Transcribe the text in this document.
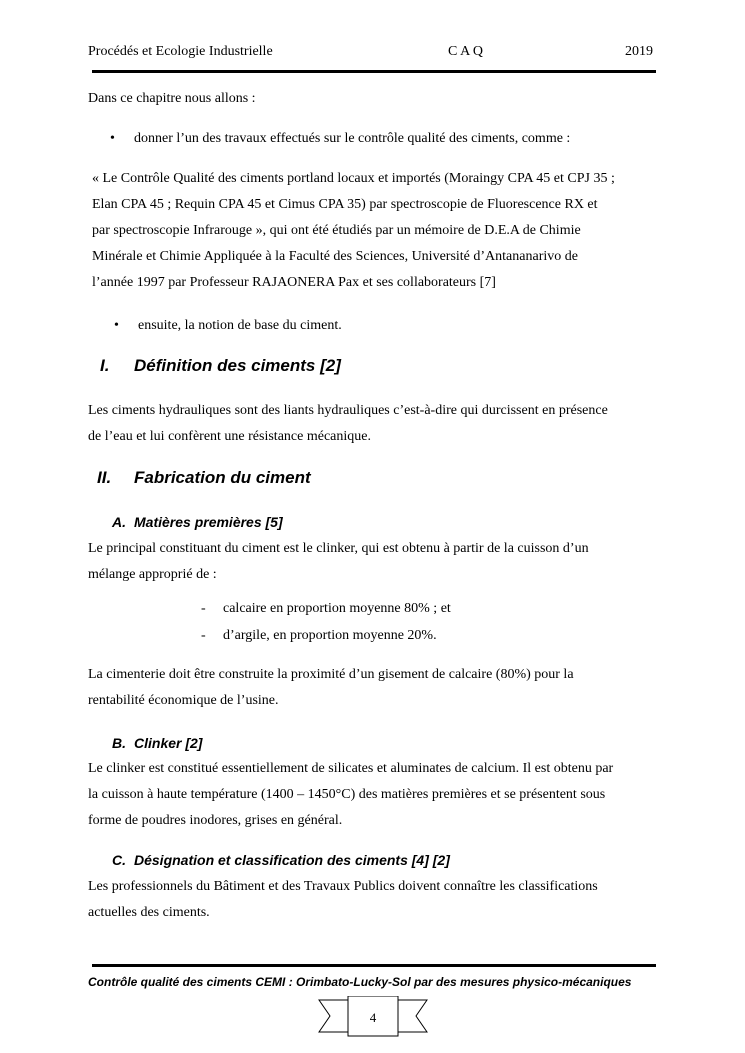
Procédés et Ecologie Industrielle	C A Q	2019
Dans ce chapitre nous allons :
• donner l’un des travaux effectués sur le contrôle qualité des ciments, comme :
« Le Contrôle Qualité des ciments portland locaux et importés (Moraingy CPA 45 et CPJ 35 ;
Elan CPA 45 ; Requin CPA 45 et Cimus CPA 35) par spectroscopie de Fluorescence RX et
par spectroscopie Infrarouge », qui ont été étudiés par un mémoire de D.E.A de Chimie
Minérale et Chimie Appliquée à la Faculté des Sciences, Université d’Antananarivo de
l’année 1997 par Professeur RAJAONERA Pax et ses collaborateurs [7]
• ensuite, la notion de base du ciment.
I. Définition des ciments [2]
Les ciments hydrauliques sont des liants hydrauliques c’est-à-dire qui durcissent en présence
de l’eau et lui confèrent une résistance mécanique.
II. Fabrication du ciment
A. Matières premières [5]
Le principal constituant du ciment est le clinker, qui est obtenu à partir de la cuisson d’un
mélange approprié de :
- calcaire en proportion moyenne 80% ; et
- d’argile, en proportion moyenne 20%.
La cimenterie doit être construite la proximité d’un gisement de calcaire (80%) pour la
rentabilité économique de l’usine.
B. Clinker [2]
Le clinker est constitué essentiellement de silicates et aluminates de calcium. Il est obtenu par
la cuisson à haute température (1400 – 1450°C) des matières premières et se présentent sous
forme de poudres inodores, grises en général.
C. Désignation et classification des ciments [4] [2]
Les professionnels du Bâtiment et des Travaux Publics doivent connaître les classifications
actuelles des ciments.
Contrôle qualité des ciments CEMI : Orimbato-Lucky-Sol par des mesures physico-mécaniques
4
